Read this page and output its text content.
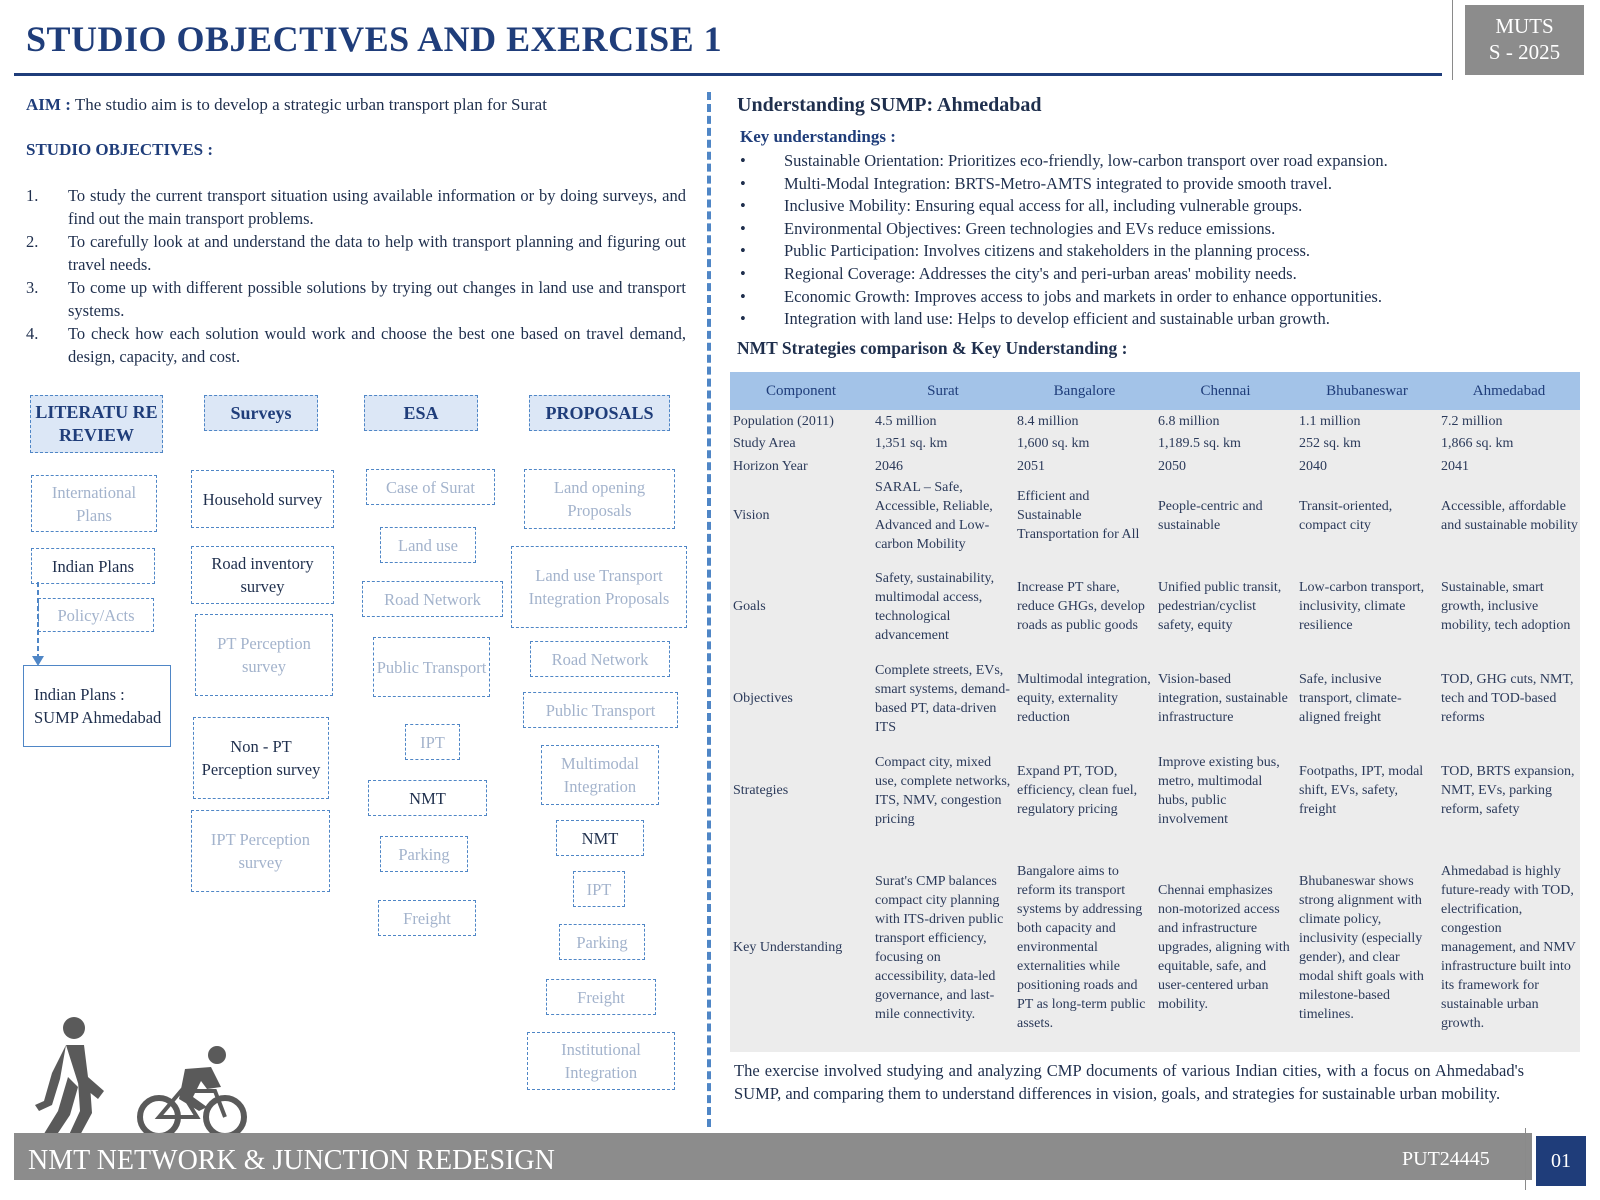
STUDIO OBJECTIVES AND EXERCISE 1	MUTS
S - 2025
AIM : The studio aim is to develop a strategic urban transport plan for Surat
STUDIO OBJECTIVES :
1.	To study the current transport situation using available information or by doing surveys, and find out the main transport problems.
2.	To carefully look at and understand the data to help with transport planning and figuring out travel needs.
3.	To come up with different possible solutions by trying out changes in land use and transport systems.
4.	To check how each solution would work and choose the best one based on travel demand, design, capacity, and cost.
LITERATU RE REVIEW
International Plans
Indian Plans
Policy/Acts
Indian Plans : SUMP Ahmedabad
Surveys
Household survey
Road inventory survey
PT Perception survey
Non - PT Perception survey
IPT Perception survey
ESA
Case of Surat
Land use
Road Network
Public Transport
IPT
NMT
Parking
Freight
PROPOSALS
Land opening Proposals
Land use Transport Integration Proposals
Road Network
Public Transport
Multimodal Integration
NMT
IPT
Parking
Freight
Institutional Integration
Understanding SUMP: Ahmedabad
Key understandings :
•	Sustainable Orientation: Prioritizes eco-friendly, low-carbon transport over road expansion.
•	Multi-Modal Integration: BRTS-Metro-AMTS integrated to provide smooth travel.
•	Inclusive Mobility: Ensuring equal access for all, including vulnerable groups.
•	Environmental Objectives: Green technologies and EVs reduce emissions.
•	Public Participation: Involves citizens and stakeholders in the planning process.
•	Regional Coverage: Addresses the city's and peri-urban areas' mobility needs.
•	Economic Growth: Improves access to jobs and markets in order to enhance opportunities.
•	Integration with land use: Helps to develop efficient and sustainable urban growth.
NMT Strategies comparison & Key Understanding :
Component	Surat	Bangalore	Chennai	Bhubaneswar	Ahmedabad
Population (2011)	4.5 million	8.4 million	6.8 million	1.1 million	7.2 million
Study Area	1,351 sq. km	1,600 sq. km	1,189.5 sq. km	252 sq. km	1,866 sq. km
Horizon Year	2046	2051	2050	2040	2041
Vision	SARAL – Safe, Accessible, Reliable, Advanced and Low-carbon Mobility	Efficient and Sustainable Transportation for All	People-centric and sustainable	Transit-oriented, compact city	Accessible, affordable and sustainable mobility
Goals	Safety, sustainability, multimodal access, technological advancement	Increase PT share, reduce GHGs, develop roads as public goods	Unified public transit, pedestrian/cyclist safety, equity	Low-carbon transport, inclusivity, climate resilience	Sustainable, smart growth, inclusive mobility, tech adoption
Objectives	Complete streets, EVs, smart systems, demand-based PT, data-driven ITS	Multimodal integration, equity, externality reduction	Vision-based integration, sustainable infrastructure	Safe, inclusive transport, climate-aligned freight	TOD, GHG cuts, NMT, tech and TOD-based reforms
Strategies	Compact city, mixed use, complete networks, ITS, NMV, congestion pricing	Expand PT, TOD, efficiency, clean fuel, regulatory pricing	Improve existing bus, metro, multimodal hubs, public involvement	Footpaths, IPT, modal shift, EVs, safety, freight	TOD, BRTS expansion, NMT, EVs, parking reform, safety
Key Understanding	Surat's CMP balances compact city planning with ITS-driven public transport efficiency, focusing on accessibility, data-led governance, and last-mile connectivity.	Bangalore aims to reform its transport systems by addressing both capacity and environmental externalities while positioning roads and PT as long-term public assets.	Chennai emphasizes non-motorized access and infrastructure upgrades, aligning with equitable, safe, and user-centered urban mobility.	Bhubaneswar shows strong alignment with climate policy, inclusivity (especially gender), and clear modal shift goals with milestone-based timelines.	Ahmedabad is highly future-ready with TOD, electrification, congestion management, and NMV infrastructure built into its framework for sustainable urban growth.
The exercise involved studying and analyzing CMP documents of various Indian cities, with a focus on Ahmedabad's SUMP, and comparing them to understand differences in vision, goals, and strategies for sustainable urban mobility.
NMT NETWORK & JUNCTION REDESIGN	PUT24445	01
